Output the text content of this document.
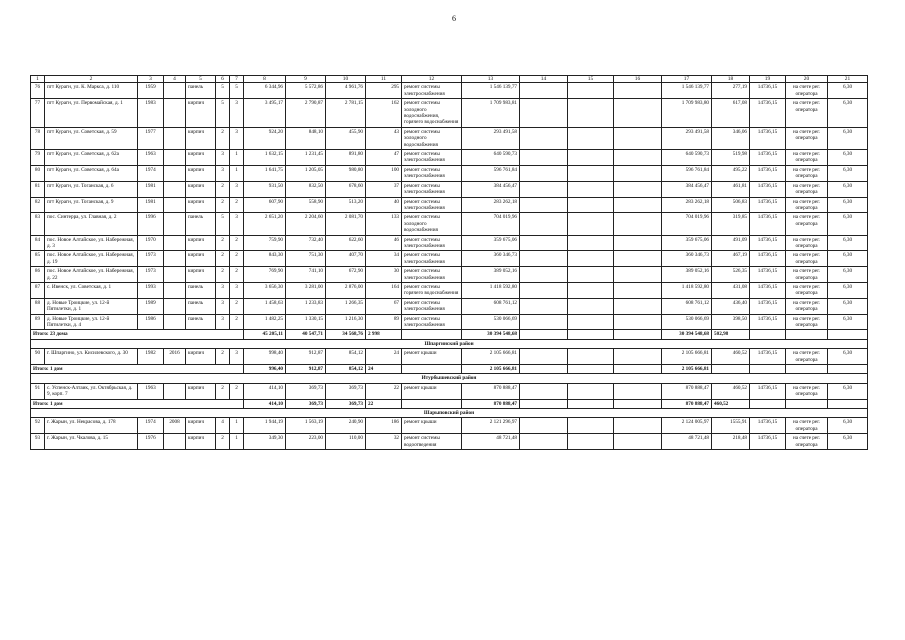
6
1	2	3	4	5	6	7	8	9	10	11	12	13	14	15	16	17	18	19	20	21
76	пгт Курагн, ул. К. Маркса, д. 110	1959		панель	5	5	6 344,96	5 572,86	4 961,76	295	ремонт системы электроснабжения	1 546 139,77				1 546 139,77	277,19	14736,15	на счете рег. оператора	6,30
77	пгт Курагн, ул. Первомайская, д. 1	1983		кирпич	5	3	3 495,17	2 790,87	2 781,15	162	ремонт системы холодного водоснабжения, горячего водоснабжения	1 709 983,81				1 709 983,80	617,08	14736,15	на счете рег. оператора	6,30
78	пгт Курагн, ул. Советская, д. 59	1977		кирпич	2	3	924,20	848,10	455,90	43	ремонт системы холодного водоснабжения	293 491,58				293 491,58	346,06	14736,15	на счете рег. оператора	6,30
79	пгт Курагн, ул. Советская, д. 62а	1963		кирпич	3	1	1 632,15	1 231,45	891,80	47	ремонт системы электроснабжения	640 590,73				640 590,73	519,98	14736,15	на счете рег. оператора	6,30
80	пгт Курагн, ул. Советская, д. 64а	1974		кирпич	3	1	1 641,75	1 205,05	980,80	100	ремонт системы электроснабжения	596 761,84				596 761,84	495,22	14736,15	на счете рег. оператора	6,30
81	пгт Курагн, ул. Тоганская, д. 6	1981		кирпич	2	3	931,50	832,50	678,60	37	ремонт системы электроснабжения	384 456,47				384 456,47	461,81	14736,15	на счете рег. оператора	6,30
82	пгт Курагн, ул. Тоганская, д. 9	1981		кирпич	2	2	607,90	558,90	513,20	40	ремонт системы электроснабжения	283 262,18				283 262,18	506,83	14736,15	на счете рег. оператора	6,30
83	пос. Синтерра, ул. Главная, д. 2	1996		панель	5	3	2 651,20	2 204,60	2 081,70	133	ремонт системы холодного водоснабжения	704 019,96				704 019,96	319,85	14736,15	на счете рег. оператора	6,30
84	пос. Новое Алтайское, ул. Набережная, д. 3	1970		кирпич	2	2	759,90	732,40	622,60	46	ремонт системы электроснабжения	359 675,06				359 675,06	491,09	14736,15	на счете рег. оператора	6,30
85	пос. Новое Алтайское, ул. Набережная, д. 19	1973		кирпич	2	2	843,30	751,30	407,70	34	ремонт системы электроснабжения	360 346,73				360 346,73	467,19	14736,15	на счете рег. оператора	6,30
86	пос. Новое Алтайское, ул. Набережная, д. 22	1973		кирпич	2	2	769,90	741,10	672,90	30	ремонт системы электроснабжения	389 052,16				389 052,16	526,35	14736,15	на счете рег. оператора	6,30
87	с. Ивенск, ул. Советская, д. 1	1993		панель	3	3	3 656,30	3 281,00	2 876,00	164	ремонт системы горячего водоснабжения	1 418 592,80				1 418 592,80	431,08	14736,15	на счете рег. оператора	6,30
88	д. Новые Троицкие, ул. 12-й Пятилетки, д. 1	1989		панель	3	2	1 458,63	1 233,83	1 266,35	67	ремонт системы электроснабжения	608 761,12				608 761,12	436,40	14736,15	на счете рег. оператора	6,30
89	д. Новые Троицкие, ул. 12-й Пятилетки, д. 4	1986		панель	3	2	1 482,25	1 330,15	1 216,30	89	ремонт системы электроснабжения	530 066,69				530 066,69	398,50	14736,15	на счете рег. оператора	6,30
Итого: 23 дома							45 205,11	40 547,71	34 568,76	2 998		30 394 548,68				30 394 548,68	502,98			
Шпаргинский район																				
90	г. Шпаргино, ул. Кисилевского, д. 30	1982	2016	кирпич	2	3	998,40	912,87	854,12	24	ремонт крыши	2 105 666,81				2 105 666,81	460,52	14736,15	на счете рег. оператора	6,30
Итого: 1 дом							996,40	912,87	854,12	24		2 105 666,81				2 105 666,81				
Итурбышевский район																				
91	с. Успенск-Алтаик, ул. Октябрьская, д. 9, корп. 7	1963		кирпич	2	2	414,10	369,73	369,73	22	ремонт крыши	870 888,47				870 888,47	460,52	14736,15	на счете рег. оператора	6,30
Итого: 1 дом							414,10	369,73	369,73	22		870 888,47				870 888,47	460,52			
Шарыповский район																				
92	г. Жарын, ул. Некрасова, д. 178	1974	2008	кирпич	4	1	1 944,19	1 563,19	240,90	186	ремонт крыши	2 121 296,97				2 124 005,97	1555,91	14736,15	на счете рег. оператора	6,30
93	г. Жарын, ул. Чкалова, д. 15	1976		кирпич	2	1	349,30	223,00	110,00	32	ремонт системы водоотведения	48 721,48				48 721,48	218,48	14736,15	на счете рег. оператора	6,30
